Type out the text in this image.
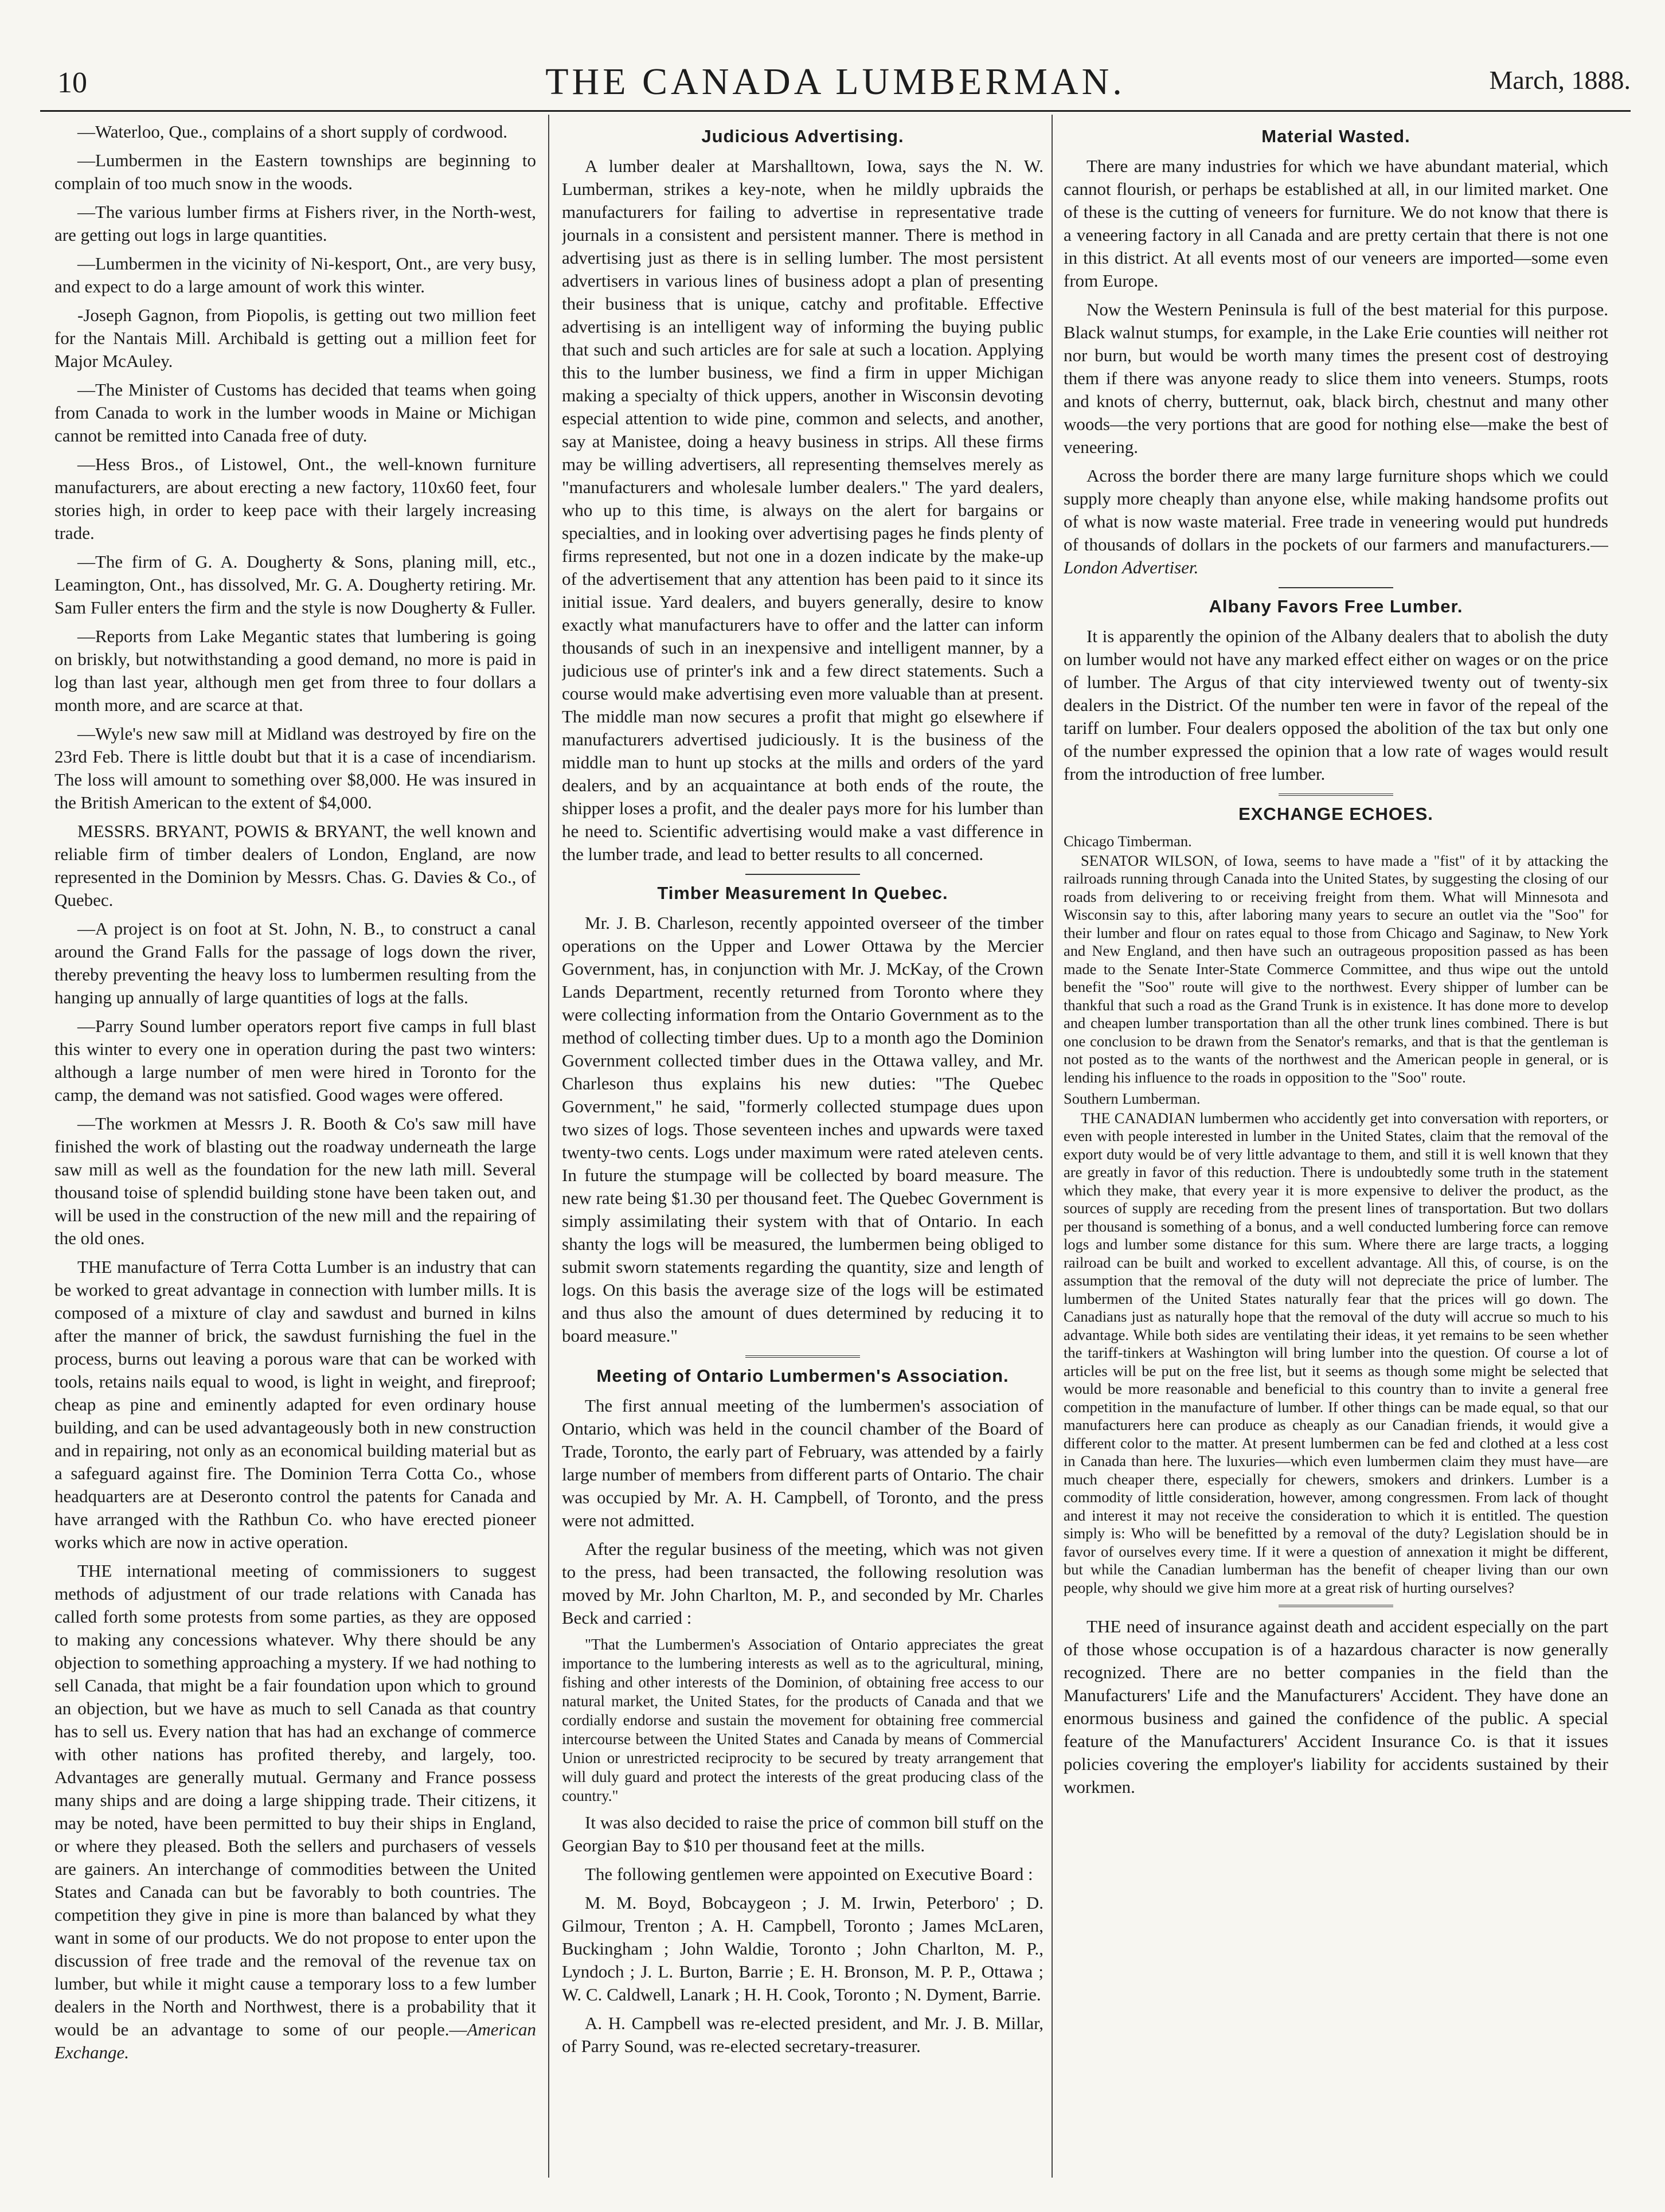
10	THE CANADA LUMBERMAN.	March, 1888.

—Waterloo, Que., complains of a short supply of cordwood.

—Lumbermen in the Eastern townships are beginning to complain of too much snow in the woods.

—The various lumber firms at Fishers river, in the North-west, are getting out logs in large quantities.

—Lumbermen in the vicinity of Ni-kesport, Ont., are very busy, and expect to do a large amount of work this winter.

-Joseph Gagnon, from Piopolis, is getting out two million feet for the Nantais Mill. Archibald is getting out a million feet for Major McAuley.

—The Minister of Customs has decided that teams when going from Canada to work in the lumber woods in Maine or Michigan cannot be remitted into Canada free of duty.

—Hess Bros., of Listowel, Ont., the well-known furniture manufacturers, are about erecting a new factory, 110x60 feet, four stories high, in order to keep pace with their largely increasing trade.

—The firm of G. A. Dougherty & Sons, planing mill, etc., Leamington, Ont., has dissolved, Mr. G. A. Dougherty retiring. Mr. Sam Fuller enters the firm and the style is now Dougherty & Fuller.

—Reports from Lake Megantic states that lumbering is going on briskly, but notwithstanding a good demand, no more is paid in log than last year, although men get from three to four dollars a month more, and are scarce at that.

—Wyle's new saw mill at Midland was destroyed by fire on the 23rd Feb. There is little doubt but that it is a case of incendiarism. The loss will amount to something over $8,000. He was insured in the British American to the extent of $4,000.

MESSRS. BRYANT, POWIS & BRYANT, the well known and reliable firm of timber dealers of London, England, are now represented in the Dominion by Messrs. Chas. G. Davies & Co., of Quebec.

—A project is on foot at St. John, N. B., to construct a canal around the Grand Falls for the passage of logs down the river, thereby preventing the heavy loss to lumbermen resulting from the hanging up annually of large quantities of logs at the falls.

—Parry Sound lumber operators report five camps in full blast this winter to every one in operation during the past two winters: although a large number of men were hired in Toronto for the camp, the demand was not satisfied. Good wages were offered.

—The workmen at Messrs J. R. Booth & Co's saw mill have finished the work of blasting out the roadway underneath the large saw mill as well as the foundation for the new lath mill. Several thousand toise of splendid building stone have been taken out, and will be used in the construction of the new mill and the repairing of the old ones.

THE manufacture of Terra Cotta Lumber is an industry that can be worked to great advantage in connection with lumber mills. It is composed of a mixture of clay and sawdust and burned in kilns after the manner of brick, the sawdust furnishing the fuel in the process, burns out leaving a porous ware that can be worked with tools, retains nails equal to wood, is light in weight, and fireproof; cheap as pine and eminently adapted for even ordinary house building, and can be used advantageously both in new construction and in repairing, not only as an economical building material but as a safeguard against fire. The Dominion Terra Cotta Co., whose headquarters are at Deseronto control the patents for Canada and have arranged with the Rathbun Co. who have erected pioneer works which are now in active operation.

THE international meeting of commissioners to suggest methods of adjustment of our trade relations with Canada has called forth some protests from some parties, as they are opposed to making any concessions whatever. Why there should be any objection to something approaching a mystery. If we had nothing to sell Canada, that might be a fair foundation upon which to ground an objection, but we have as much to sell Canada as that country has to sell us. Every nation that has had an exchange of commerce with other nations has profited thereby, and largely, too. Advantages are generally mutual. Germany and France possess many ships and are doing a large shipping trade. Their citizens, it may be noted, have been permitted to buy their ships in England, or where they pleased. Both the sellers and purchasers of vessels are gainers. An interchange of commodities between the United States and Canada can but be favorably to both countries. The competition they give in pine is more than balanced by what they want in some of our products. We do not propose to enter upon the discussion of free trade and the removal of the revenue tax on lumber, but while it might cause a temporary loss to a few lumber dealers in the North and Northwest, there is a probability that it would be an advantage to some of our people.—American Exchange.

Judicious Advertising.

A lumber dealer at Marshalltown, Iowa, says the N. W. Lumberman, strikes a key-note, when he mildly upbraids the manufacturers for failing to advertise in representative trade journals in a consistent and persistent manner. There is method in advertising just as there is in selling lumber. The most persistent advertisers in various lines of business adopt a plan of presenting their business that is unique, catchy and profitable. Effective advertising is an intelligent way of informing the buying public that such and such articles are for sale at such a location. Applying this to the lumber business, we find a firm in upper Michigan making a specialty of thick uppers, another in Wisconsin devoting especial attention to wide pine, common and selects, and another, say at Manistee, doing a heavy business in strips. All these firms may be willing advertisers, all representing themselves merely as "manufacturers and wholesale lumber dealers." The yard dealers, who up to this time, is always on the alert for bargains or specialties, and in looking over advertising pages he finds plenty of firms represented, but not one in a dozen indicate by the make-up of the advertisement that any attention has been paid to it since its initial issue. Yard dealers, and buyers generally, desire to know exactly what manufacturers have to offer and the latter can inform thousands of such in an inexpensive and intelligent manner, by a judicious use of printer's ink and a few direct statements. Such a course would make advertising even more valuable than at present. The middle man now secures a profit that might go elsewhere if manufacturers advertised judiciously. It is the business of the middle man to hunt up stocks at the mills and orders of the yard dealers, and by an acquaintance at both ends of the route, the shipper loses a profit, and the dealer pays more for his lumber than he need to. Scientific advertising would make a vast difference in the lumber trade, and lead to better results to all concerned.

Timber Measurement In Quebec.

Mr. J. B. Charleson, recently appointed overseer of the timber operations on the Upper and Lower Ottawa by the Mercier Government, has, in conjunction with Mr. J. McKay, of the Crown Lands Department, recently returned from Toronto where they were collecting information from the Ontario Government as to the method of collecting timber dues. Up to a month ago the Dominion Government collected timber dues in the Ottawa valley, and Mr. Charleson thus explains his new duties: "The Quebec Government," he said, "formerly collected stumpage dues upon two sizes of logs. Those seventeen inches and upwards were taxed twenty-two cents. Logs under maximum were rated ateleven cents. In future the stumpage will be collected by board measure. The new rate being $1.30 per thousand feet. The Quebec Government is simply assimilating their system with that of Ontario. In each shanty the logs will be measured, the lumbermen being obliged to submit sworn statements regarding the quantity, size and length of logs. On this basis the average size of the logs will be estimated and thus also the amount of dues determined by reducing it to board measure."

Meeting of Ontario Lumbermen's Association.

The first annual meeting of the lumbermen's association of Ontario, which was held in the council chamber of the Board of Trade, Toronto, the early part of February, was attended by a fairly large number of members from different parts of Ontario. The chair was occupied by Mr. A. H. Campbell, of Toronto, and the press were not admitted.

After the regular business of the meeting, which was not given to the press, had been transacted, the following resolution was moved by Mr. John Charlton, M. P., and seconded by Mr. Charles Beck and carried :

"That the Lumbermen's Association of Ontario appreciates the great importance to the lumbering interests as well as to the agricultural, mining, fishing and other interests of the Dominion, of obtaining free access to our natural market, the United States, for the products of Canada and that we cordially endorse and sustain the movement for obtaining free commercial intercourse between the United States and Canada by means of Commercial Union or unrestricted reciprocity to be secured by treaty arrangement that will duly guard and protect the interests of the great producing class of the country."

It was also decided to raise the price of common bill stuff on the Georgian Bay to $10 per thousand feet at the mills.

The following gentlemen were appointed on Executive Board :

M. M. Boyd, Bobcaygeon ; J. M. Irwin, Peterboro' ; D. Gilmour, Trenton ; A. H. Campbell, Toronto ; James McLaren, Buckingham ; John Waldie, Toronto ; John Charlton, M. P., Lyndoch ; J. L. Burton, Barrie ; E. H. Bronson, M. P. P., Ottawa ; W. C. Caldwell, Lanark ; H. H. Cook, Toronto ; N. Dyment, Barrie.

A. H. Campbell was re-elected president, and Mr. J. B. Millar, of Parry Sound, was re-elected secretary-treasurer.

Material Wasted.

There are many industries for which we have abundant material, which cannot flourish, or perhaps be established at all, in our limited market. One of these is the cutting of veneers for furniture. We do not know that there is a veneering factory in all Canada and are pretty certain that there is not one in this district. At all events most of our veneers are imported—some even from Europe.

Now the Western Peninsula is full of the best material for this purpose. Black walnut stumps, for example, in the Lake Erie counties will neither rot nor burn, but would be worth many times the present cost of destroying them if there was anyone ready to slice them into veneers. Stumps, roots and knots of cherry, butternut, oak, black birch, chestnut and many other woods—the very portions that are good for nothing else—make the best of veneering.

Across the border there are many large furniture shops which we could supply more cheaply than anyone else, while making handsome profits out of what is now waste material. Free trade in veneering would put hundreds of thousands of dollars in the pockets of our farmers and manufacturers.—London Advertiser.

Albany Favors Free Lumber.

It is apparently the opinion of the Albany dealers that to abolish the duty on lumber would not have any marked effect either on wages or on the price of lumber. The Argus of that city interviewed twenty out of twenty-six dealers in the District. Of the number ten were in favor of the repeal of the tariff on lumber. Four dealers opposed the abolition of the tax but only one of the number expressed the opinion that a low rate of wages would result from the introduction of free lumber.

EXCHANGE ECHOES.

Chicago Timberman.

SENATOR WILSON, of Iowa, seems to have made a "fist" of it by attacking the railroads running through Canada into the United States, by suggesting the closing of our roads from delivering to or receiving freight from them. What will Minnesota and Wisconsin say to this, after laboring many years to secure an outlet via the "Soo" for their lumber and flour on rates equal to those from Chicago and Saginaw, to New York and New England, and then have such an outrageous proposition passed as has been made to the Senate Inter-State Commerce Committee, and thus wipe out the untold benefit the "Soo" route will give to the northwest. Every shipper of lumber can be thankful that such a road as the Grand Trunk is in existence. It has done more to develop and cheapen lumber transportation than all the other trunk lines combined. There is but one conclusion to be drawn from the Senator's remarks, and that is that the gentleman is not posted as to the wants of the northwest and the American people in general, or is lending his influence to the roads in opposition to the "Soo" route.

Southern Lumberman.

THE CANADIAN lumbermen who accidently get into conversation with reporters, or even with people interested in lumber in the United States, claim that the removal of the export duty would be of very little advantage to them, and still it is well known that they are greatly in favor of this reduction. There is undoubtedly some truth in the statement which they make, that every year it is more expensive to deliver the product, as the sources of supply are receding from the present lines of transportation. But two dollars per thousand is something of a bonus, and a well conducted lumbering force can remove logs and lumber some distance for this sum. Where there are large tracts, a logging railroad can be built and worked to excellent advantage. All this, of course, is on the assumption that the removal of the duty will not depreciate the price of lumber. The lumbermen of the United States naturally fear that the prices will go down. The Canadians just as naturally hope that the removal of the duty will accrue so much to his advantage. While both sides are ventilating their ideas, it yet remains to be seen whether the tariff-tinkers at Washington will bring lumber into the question. Of course a lot of articles will be put on the free list, but it seems as though some might be selected that would be more reasonable and beneficial to this country than to invite a general free competition in the manufacture of lumber. If other things can be made equal, so that our manufacturers here can produce as cheaply as our Canadian friends, it would give a different color to the matter. At present lumbermen can be fed and clothed at a less cost in Canada than here. The luxuries—which even lumbermen claim they must have—are much cheaper there, especially for chewers, smokers and drinkers. Lumber is a commodity of little consideration, however, among congressmen. From lack of thought and interest it may not receive the consideration to which it is entitled. The question simply is: Who will be benefitted by a removal of the duty? Legislation should be in favor of ourselves every time. If it were a question of annexation it might be different, but while the Canadian lumberman has the benefit of cheaper living than our own people, why should we give him more at a great risk of hurting ourselves?

THE need of insurance against death and accident especially on the part of those whose occupation is of a hazardous character is now generally recognized. There are no better companies in the field than the Manufacturers' Life and the Manufacturers' Accident. They have done an enormous business and gained the confidence of the public. A special feature of the Manufacturers' Accident Insurance Co. is that it issues policies covering the employer's liability for accidents sustained by their workmen.
